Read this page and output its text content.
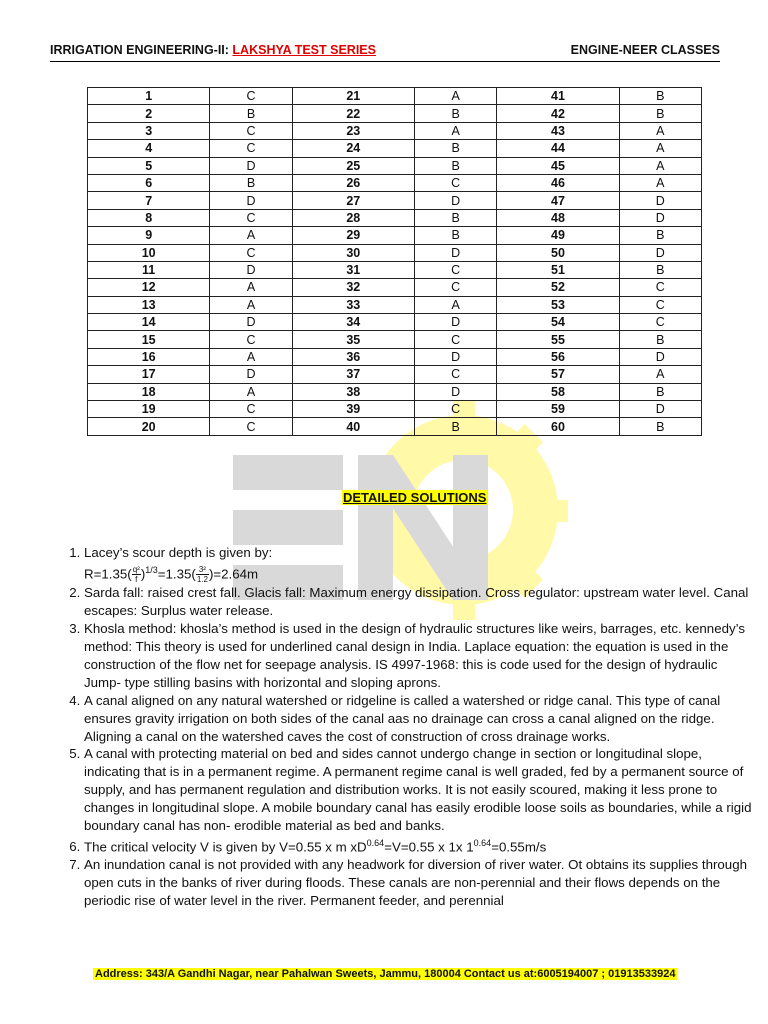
IRRIGATION ENGINEERING-II: LAKSHYA TEST SERIES	ENGINE-NEER CLASSES
1	C	21	A	41	B
2	B	22	B	42	B
3	C	23	A	43	A
4	C	24	B	44	A
5	D	25	B	45	A
6	B	26	C	46	A
7	D	27	D	47	D
8	C	28	B	48	D
9	A	29	B	49	B
10	C	30	D	50	D
11	D	31	C	51	B
12	A	32	C	52	C
13	A	33	A	53	C
14	D	34	D	54	C
15	C	35	C	55	B
16	A	36	D	56	D
17	D	37	C	57	A
18	A	38	D	58	B
19	C	39	C	59	D
20	C	40	B	60	B
DETAILED SOLUTIONS
1. Lacey’s scour depth is given by:
$R=1.35( \frac{\text{q²}}{f} )^{1/3}=1.35( \frac{\text{3²}}{1.2} )=2.64m$
2. Sarda fall: raised crest fall. Glacis fall: Maximum energy dissipation. Cross regulator: upstream water level. Canal escapes: Surplus water release.
3. Khosla method: khosla’s method is used in the design of hydraulic structures like weirs, barrages, etc. kennedy’s method: This theory is used for underlined canal design in India. Laplace equation: the equation is used in the construction of the flow net for seepage analysis. IS 4997-1968: this is code used for the design of hydraulic Jump- type stilling basins with horizontal and sloping aprons.
4. A canal aligned on any natural watershed or ridgeline is called a watershed or ridge canal. This type of canal ensures gravity irrigation on both sides of the canal aas no drainage can cross a canal aligned on the ridge. Aligning a canal on the watershed caves the cost of construction of cross drainage works.
5. A canal with protecting material on bed and sides cannot undergo change in section or longitudinal slope, indicating that is in a permanent regime. A permanent regime canal is well graded, fed by a permanent source of supply, and has permanent regulation and distribution works. It is not easily scoured, making it less prone to changes in longitudinal slope. A mobile boundary canal has easily erodible loose soils as boundaries, while a rigid boundary canal has non- erodible material as bed and banks.
6. The critical velocity V is given by V=0.55 x m $xD^{0.64}=V=0.55$ x 1x $1^{0.64}=0.55m/s$
7. An inundation canal is not provided with any headwork for diversion of river water. Ot obtains its supplies through open cuts in the banks of river during floods. These canals are non-perennial and their flows depends on the periodic rise of water level in the river. Permanent feeder, and perennial
Address: 343/A Gandhi Nagar, near Pahalwan Sweets, Jammu, 180004 Contact us at:6005194007 ; 01913533924
